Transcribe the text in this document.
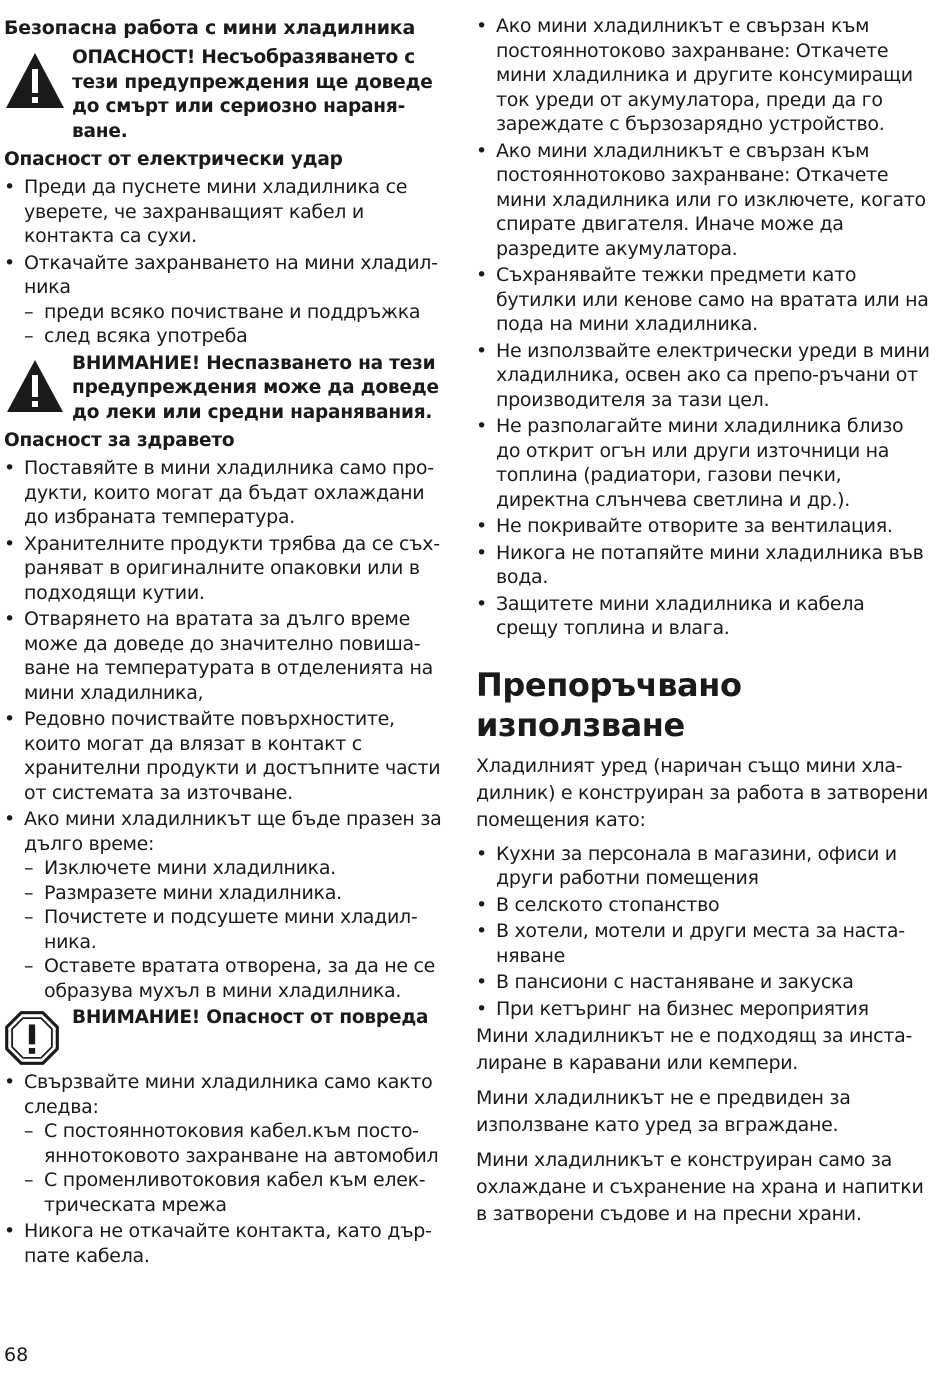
Безопасна работа с мини хладилника
ОПАСНОСТ! Несъобразяването с тези предупреждения ще доведе до смърт или сериозно нараня-ване.
Опасност от електрически удар
• Преди да пуснете мини хладилника се уверете, че захранващият кабел и контакта са сухи.
• Откачайте захранването на мини хладил-ника
– преди всяко почистване и поддръжка
– след всяка употреба
ВНИМАНИЕ! Неспазването на тези предупреждения може да доведе до леки или средни наранявания.
Опасност за здравето
• Поставяйте в мини хладилника само про-дукти, които могат да бъдат охлаждани до избраната температура.
• Хранителните продукти трябва да се съх-раняват в оригиналните опаковки или в подходящи кутии.
• Отварянето на вратата за дълго време може да доведе до значително повиша-ване на температурата в отделенията на мини хладилника,
• Редовно почиствайте повърхностите, които могат да влязат в контакт с хранителни продукти и достъпните части от системата за източване.
• Ако мини хладилникът ще бъде празен за дълго време:
– Изключете мини хладилника.
– Размразете мини хладилника.
– Почистете и подсушете мини хладил-ника.
– Оставете вратата отворена, за да не се образува мухъл в мини хладилника.
ВНИМАНИЕ! Опасност от повреда
• Свързвайте мини хладилника само както следва:
– С постояннотоковия кабел.към посто-яннотоковото захранване на автомобил
– С променливотоковия кабел към елек-трическата мрежа
• Никога не откачайте контакта, като дър-пате кабела.
• Ако мини хладилникът е свързан към постояннотоково захранване: Откачете мини хладилника и другите консумиращи ток уреди от акумулатора, преди да го зареждате с бързозарядно устройство.
• Ако мини хладилникът е свързан към постояннотоково захранване: Откачете мини хладилника или го изключете, когато спирате двигателя. Иначе може да разредите акумулатора.
• Съхранявайте тежки предмети като бутилки или кенове само на вратата или на пода на мини хладилника.
• Не използвайте електрически уреди в мини хладилника, освен ако са препо-ръчани от производителя за тази цел.
• Не разполагайте мини хладилника близо до открит огън или други източници на топлина (радиатори, газови печки, директна слънчева светлина и др.).
• Не покривайте отворите за вентилация.
• Никога не потапяйте мини хладилника във вода.
• Защитете мини хладилника и кабела срещу топлина и влага.
Препоръчвано използване
Хладилният уред (наричан също мини хла-дилник) е конструиран за работа в затворени помещения като:
• Кухни за персонала в магазини, офиси и други работни помещения
• В селското стопанство
• В хотели, мотели и други места за наста-няване
• В пансиони с настаняване и закуска
• При кетъринг на бизнес мероприятия
Мини хладилникът не е подходящ за инста-лиране в каравани или кемпери.
Мини хладилникът не е предвиден за използване като уред за вграждане.
Мини хладилникът е конструиран само за охлаждане и съхранение на храна и напитки в затворени съдове и на пресни храни.
68
